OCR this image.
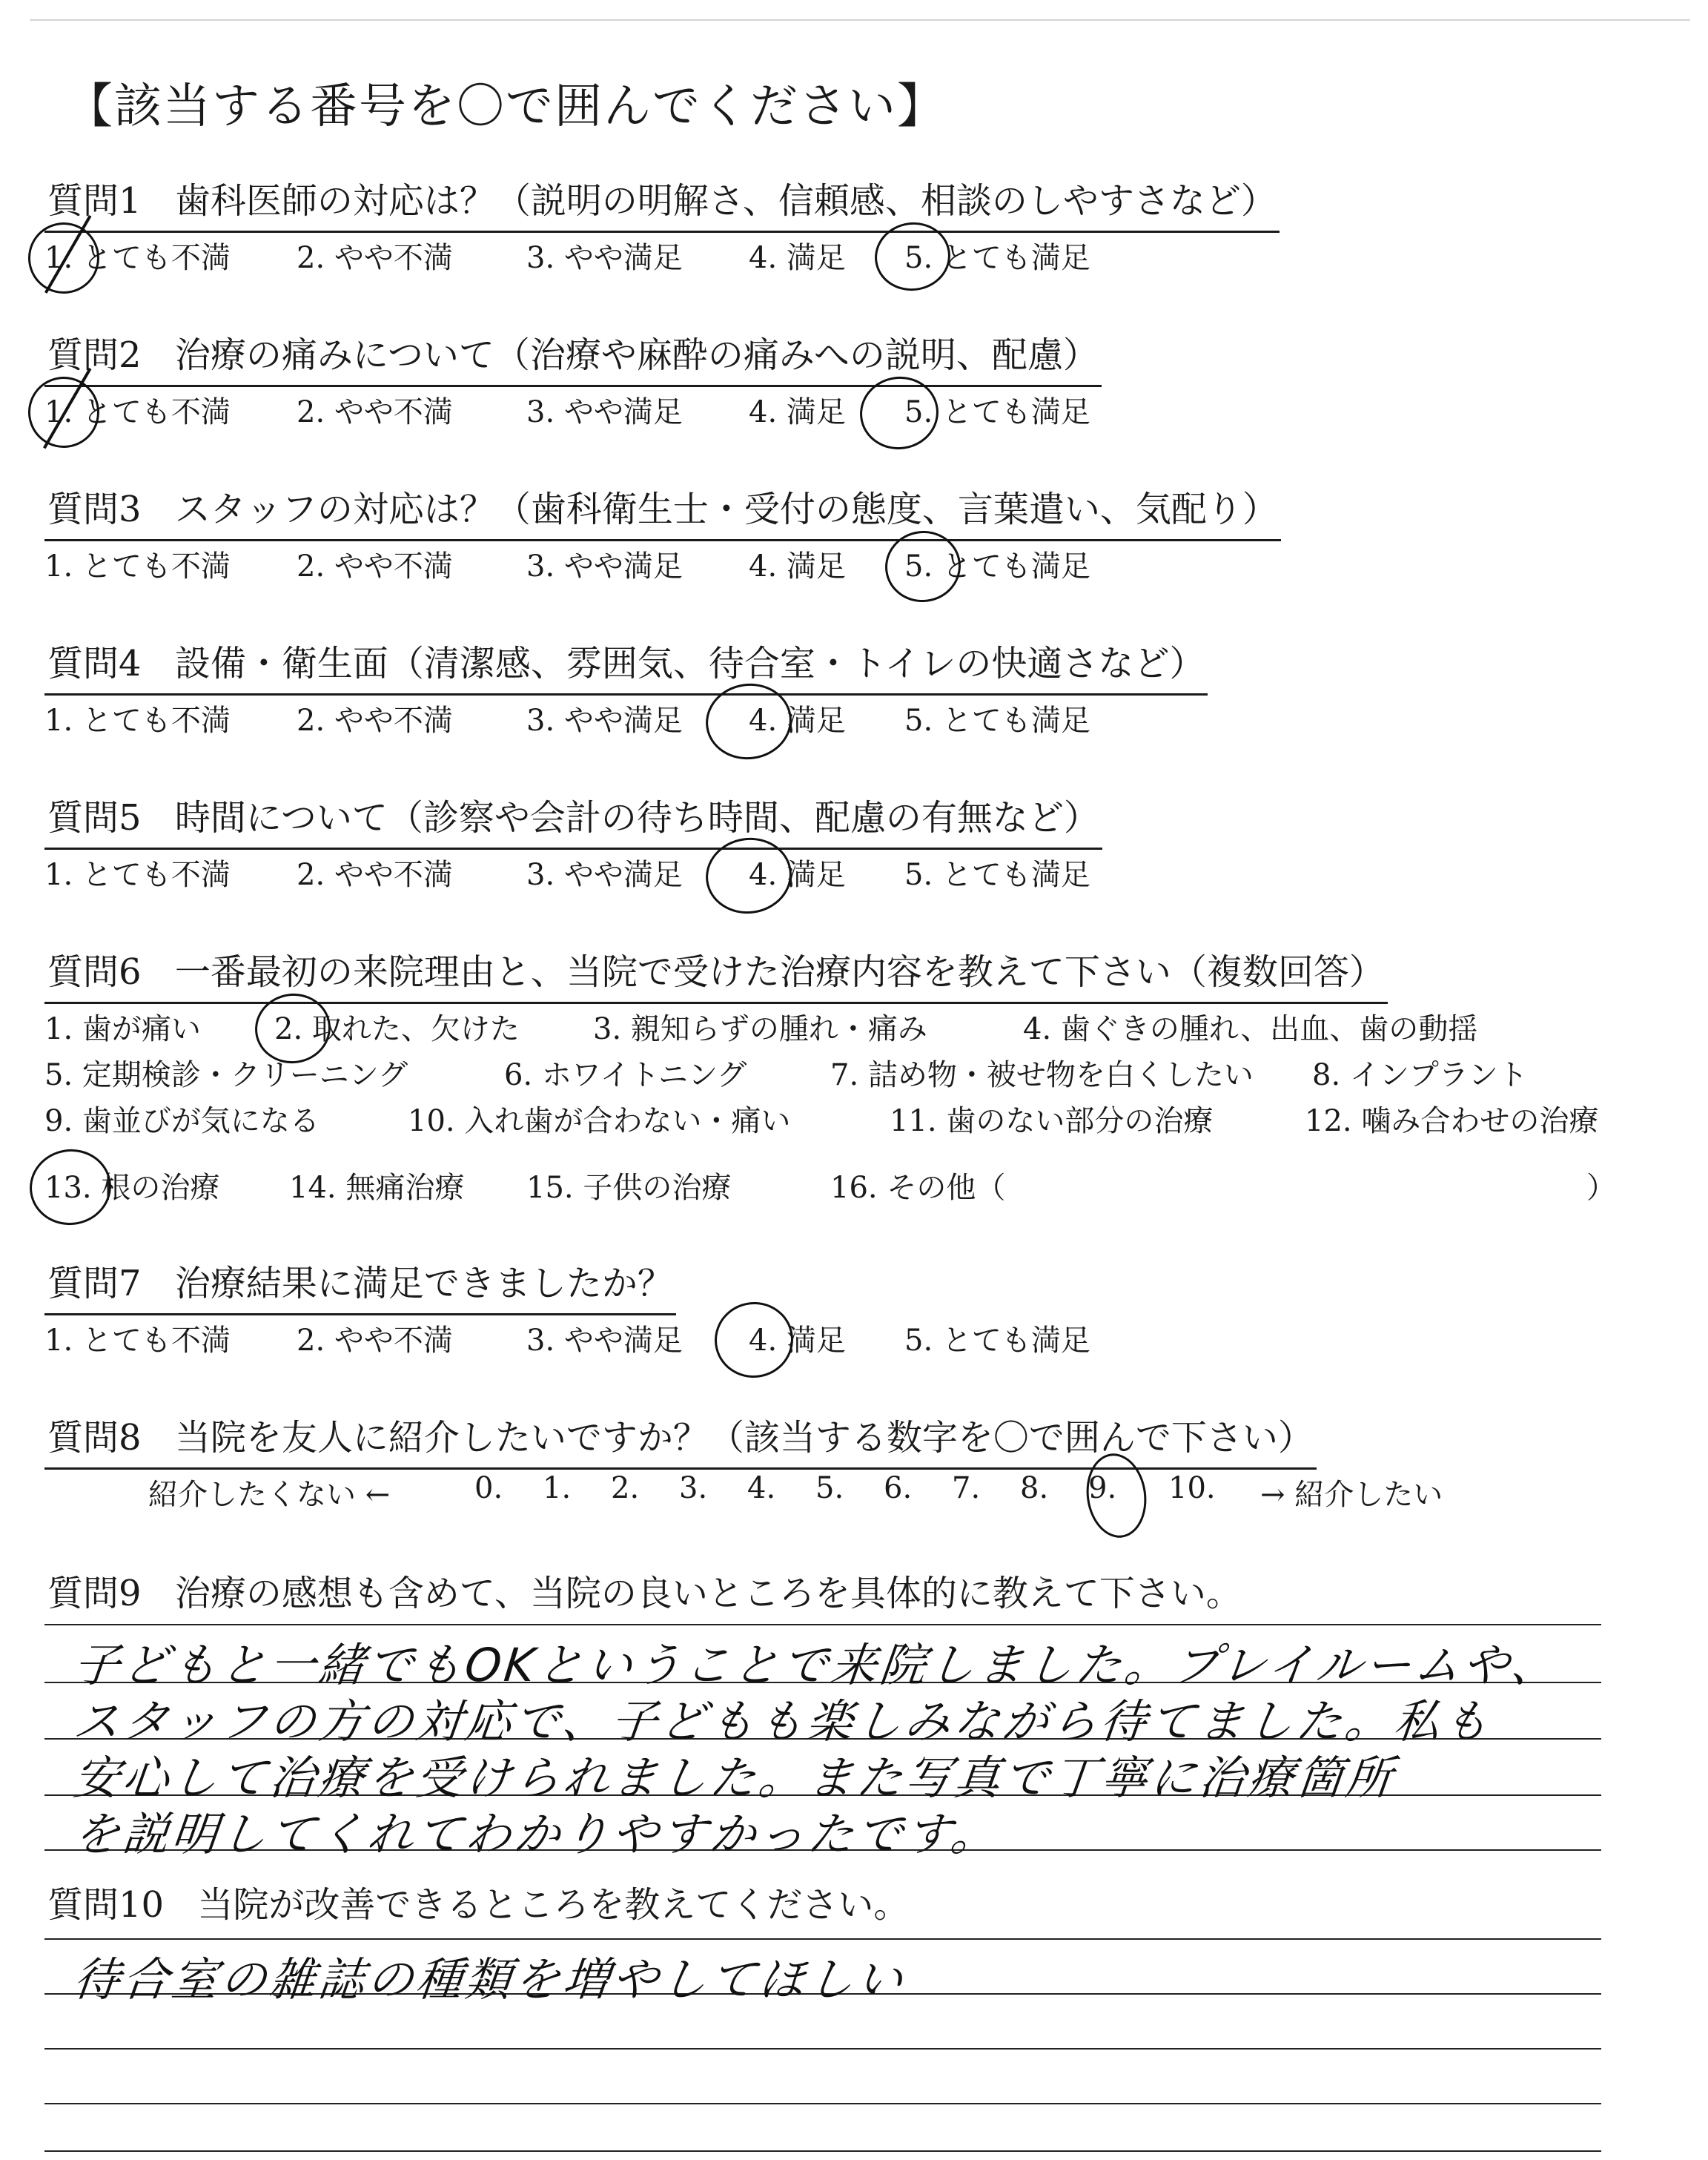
【該当する番号を〇で囲んでください】
質問1 歯科医師の対応は？（説明の明解さ、信頼感、相談のしやすさなど）
1. とても不満 2. やや不満 3. やや満足 4. 満足 5. とても満足
質問2 治療の痛みについて（治療や麻酔の痛みへの説明、配慮）
1. とても不満 2. やや不満 3. やや満足 4. 満足 5. とても満足
質問3 スタッフの対応は？（歯科衛生士・受付の態度、言葉遣い、気配り）
1. とても不満 2. やや不満 3. やや満足 4. 満足 5. とても満足
質問4 設備・衛生面（清潔感、雰囲気、待合室・トイレの快適さなど）
1. とても不満 2. やや不満 3. やや満足 4. 満足 5. とても満足
質問5 時間について（診察や会計の待ち時間、配慮の有無など）
1. とても不満 2. やや不満 3. やや満足 4. 満足 5. とても満足
質問6 一番最初の来院理由と、当院で受けた治療内容を教えて下さい（複数回答）
1. 歯が痛い 2. 取れた、欠けた 3. 親知らずの腫れ・痛み	4. 歯ぐきの腫れ、出血、歯の動揺
5. 定期検診・クリーニング	6. ホワイトニング	7. 詰め物・被せ物を白くしたい 8. インプラント
9. 歯並びが気になる	10. 入れ歯が合わない・痛い	11. 歯のない部分の治療	12. 噛み合わせの治療
13. 根の治療 14. 無痛治療 15. 子供の治療	16. その他（	）
質問7 治療結果に満足できましたか？
1. とても不満 2. やや不満 3. やや満足 4. 満足 5. とても満足
質問8 当院を友人に紹介したいですか？（該当する数字を〇で囲んで下さい）
紹介したくない ←	0. 1. 2. 3. 4. 5. 6. 7. 8. 9. 10. → 紹介したい
質問9 治療の感想も含めて、当院の良いところを具体的に教えて下さい。
子どもと一緒でもOKということで来院しました。プレイルームや、
スタッフの方の対応で、子どもも楽しみながら待てました。私も
安心して治療を受けられました。また写真で丁寧に治療箇所
を説明してくれてわかりやすかったです。
質問10 当院が改善できるところを教えてください。
待合室の雑誌の種類を増やしてほしい
